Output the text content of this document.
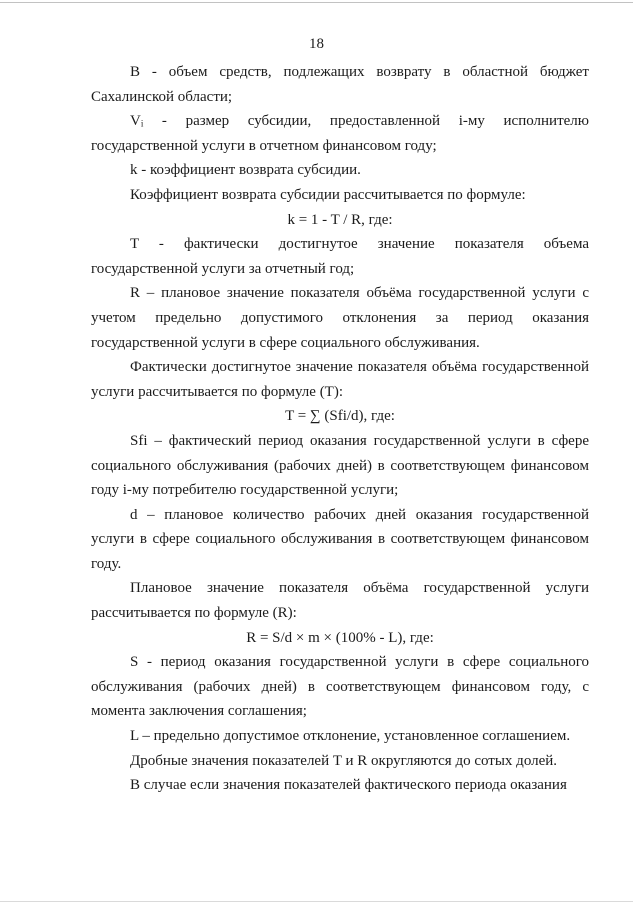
18

В - объем средств, подлежащих возврату в областной бюджет Сахалинской области;

Vᵢ - размер субсидии, предоставленной i-му исполнителю государственной услуги в отчетном финансовом году;

k - коэффициент возврата субсидии.

Коэффициент возврата субсидии рассчитывается по формуле:

k = 1 - T / R, где:

T - фактически достигнутое значение показателя объема государственной услуги за отчетный год;

R – плановое значение показателя объёма государственной услуги с учетом предельно допустимого отклонения за период оказания государственной услуги в сфере социального обслуживания.

Фактически достигнутое значение показателя объёма государственной услуги рассчитывается по формуле (T):

T = ∑ (Sfi/d), где:

Sfi – фактический период оказания государственной услуги в сфере социального обслуживания (рабочих дней) в соответствующем финансовом году i-му потребителю государственной услуги;

d – плановое количество рабочих дней оказания государственной услуги в сфере социального обслуживания в соответствующем финансовом году.

Плановое значение показателя объёма государственной услуги рассчитывается по формуле (R):

R = S/d × m × (100% - L), где:

S - период оказания государственной услуги в сфере социального обслуживания (рабочих дней) в соответствующем финансовом году, с момента заключения соглашения;

L – предельно допустимое отклонение, установленное соглашением.

Дробные значения показателей T и R округляются до сотых долей.

В случае если значения показателей фактического периода оказания
